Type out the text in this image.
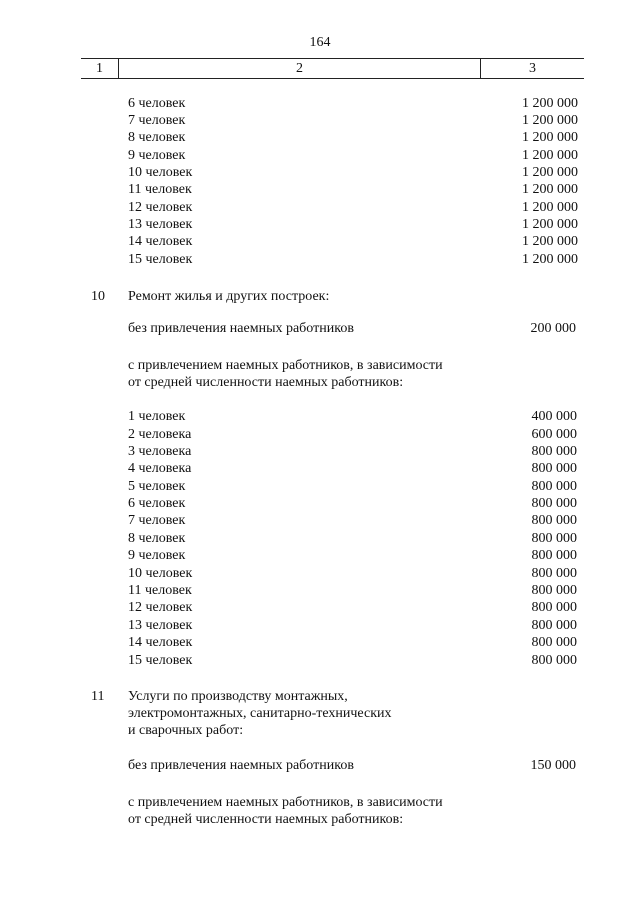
164
1	2	3
6 человек	1 200 000
7 человек	1 200 000
8 человек	1 200 000
9 человек	1 200 000
10 человек	1 200 000
11 человек	1 200 000
12 человек	1 200 000
13 человек	1 200 000
14 человек	1 200 000
15 человек	1 200 000
10 Ремонт жилья и других построек:
без привлечения наемных работников	200 000
с привлечением наемных работников, в зависимости
от средней численности наемных работников:
1 человек	400 000
2 человека	600 000
3 человека	800 000
4 человека	800 000
5 человек	800 000
6 человек	800 000
7 человек	800 000
8 человек	800 000
9 человек	800 000
10 человек	800 000
11 человек	800 000
12 человек	800 000
13 человек	800 000
14 человек	800 000
15 человек	800 000
11 Услуги по производству монтажных,
электромонтажных, санитарно-технических
и сварочных работ:
без привлечения наемных работников	150 000
с привлечением наемных работников, в зависимости
от средней численности наемных работников:
